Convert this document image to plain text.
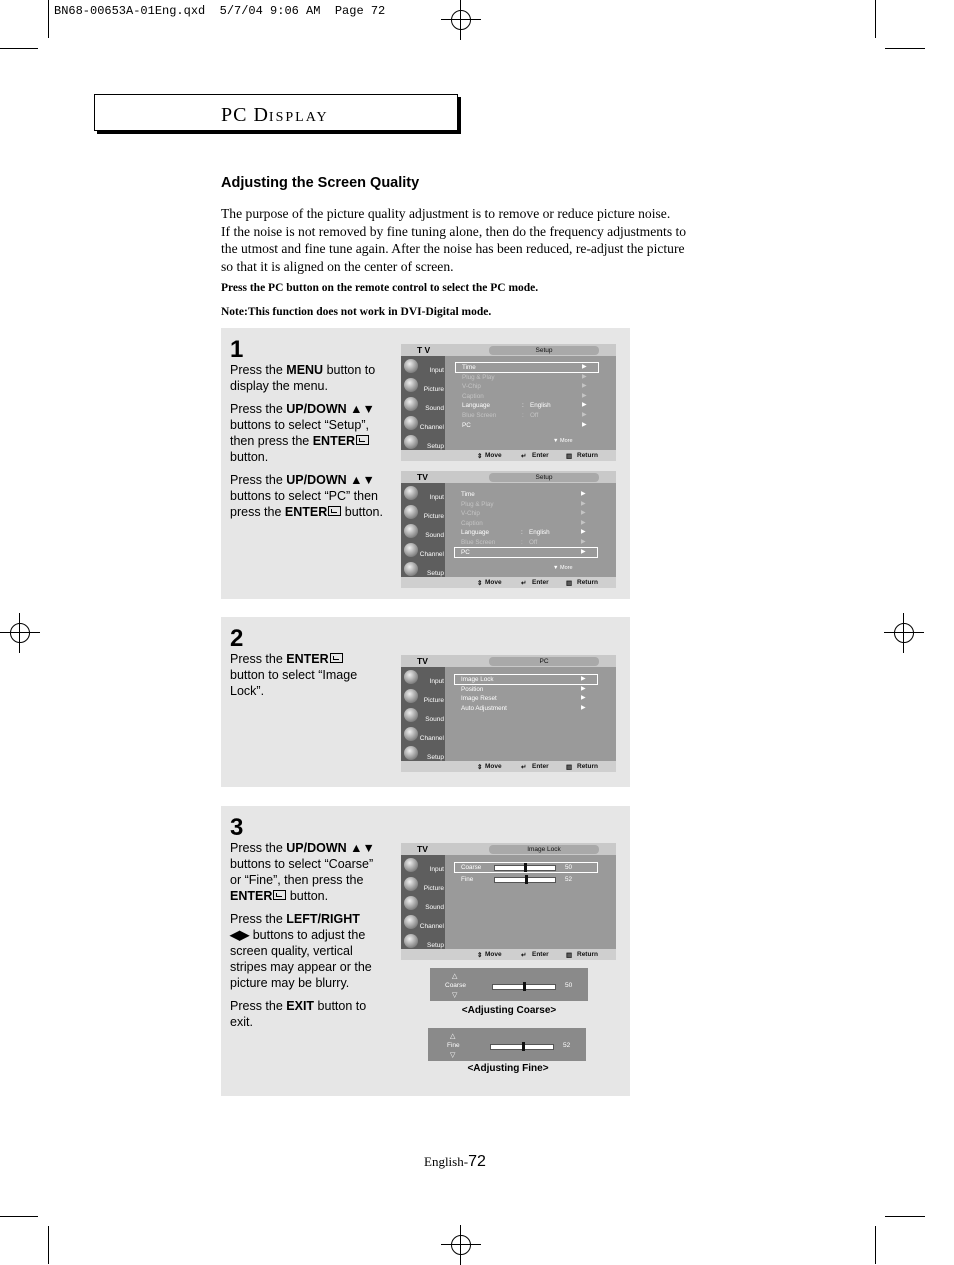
BN68-00653A-01Eng.qxd  5/7/04 9:06 AM  Page 72
PC DISPLAY
Adjusting the Screen Quality
The purpose of the picture quality adjustment is to remove or reduce picture noise.
If the noise is not removed by fine tuning alone, then do the frequency adjustments to
the utmost and fine tune again. After the noise has been reduced, re-adjust the picture
so that it is aligned on the center of screen.
Press the PC button on the remote control to select the PC mode.
Note:This function does not work in DVI-Digital mode.
1

Press the MENU button to display the menu.

Press the UP/DOWN ▲▼ buttons to select “Setup”, then press the ENTER button.

Press the UP/DOWN ▲▼ buttons to select “PC” then press the ENTER button.

T V	Setup
Input
Picture
Sound
Channel
Setup
Time	▶
Plug & Play	▶
V-Chip	▶
Caption	▶
Language	: English	▶
Blue Screen	: Off	▶
PC	▶
▼ More
⇕ Move	↵ Enter	▥ Return
TV	Setup
Input
Picture
Sound
Channel
Setup
Time	▶
Plug & Play	▶
V-Chip	▶
Caption	▶
Language	: English	▶
Blue Screen	: Off	▶
PC	▶
▼ More
⇕ Move	↵ Enter	▥ Return
2

Press the ENTER button to select “Image Lock”.

TV	PC
Input
Picture
Sound
Channel
Setup
Image Lock	▶
Position	▶
Image Reset	▶
Auto Adjustment	▶
⇕ Move	↵ Enter	▥ Return
3

Press the UP/DOWN ▲▼ buttons to select “Coarse” or “Fine”, then press the ENTER button.

Press the LEFT/RIGHT ◀▶ buttons to adjust the screen quality, vertical stripes may appear or the picture may be blurry.

Press the EXIT button to exit.

TV	Image Lock
Input
Picture
Sound
Channel
Setup
Coarse	50
Fine	52
⇕ Move	↵ Enter	▥ Return
△
Coarse
▽
50
<Adjusting Coarse>
△
Fine
▽
52
<Adjusting Fine>
English-72
